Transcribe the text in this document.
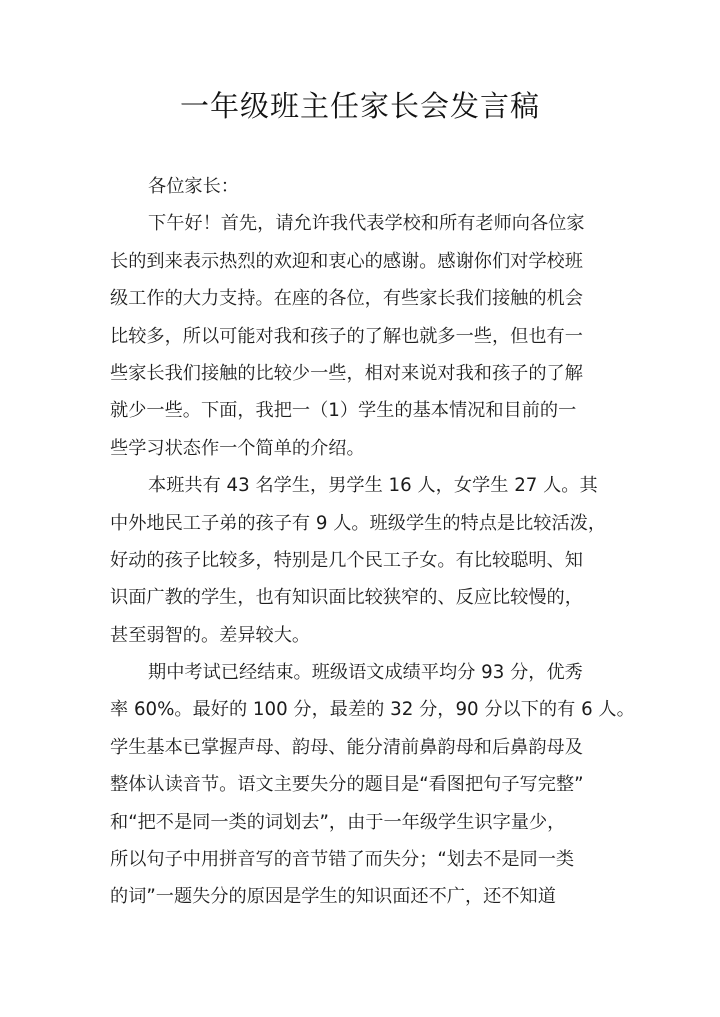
一年级班主任家长会发言稿
各位家长：
下午好！首先，请允许我代表学校和所有老师向各位家
长的到来表示热烈的欢迎和衷心的感谢。感谢你们对学校班
级工作的大力支持。在座的各位，有些家长我们接触的机会
比较多，所以可能对我和孩子的了解也就多一些，但也有一
些家长我们接触的比较少一些，相对来说对我和孩子的了解
就少一些。下面，我把一（1）学生的基本情况和目前的一
些学习状态作一个简单的介绍。
本班共有 43 名学生，男学生 16 人，女学生 27 人。其
中外地民工子弟的孩子有 9 人。班级学生的特点是比较活泼，
好动的孩子比较多，特别是几个民工子女。有比较聪明、知
识面广教的学生，也有知识面比较狭窄的、反应比较慢的，
甚至弱智的。差异较大。
期中考试已经结束。班级语文成绩平均分 93 分，优秀
率 60%。最好的 100 分，最差的 32 分，90 分以下的有 6 人。
学生基本已掌握声母、韵母、能分清前鼻韵母和后鼻韵母及
整体认读音节。语文主要失分的题目是“看图把句子写完整”
和“把不是同一类的词划去”，由于一年级学生识字量少，
所以句子中用拼音写的音节错了而失分；“划去不是同一类
的词”一题失分的原因是学生的知识面还不广，还不知道
